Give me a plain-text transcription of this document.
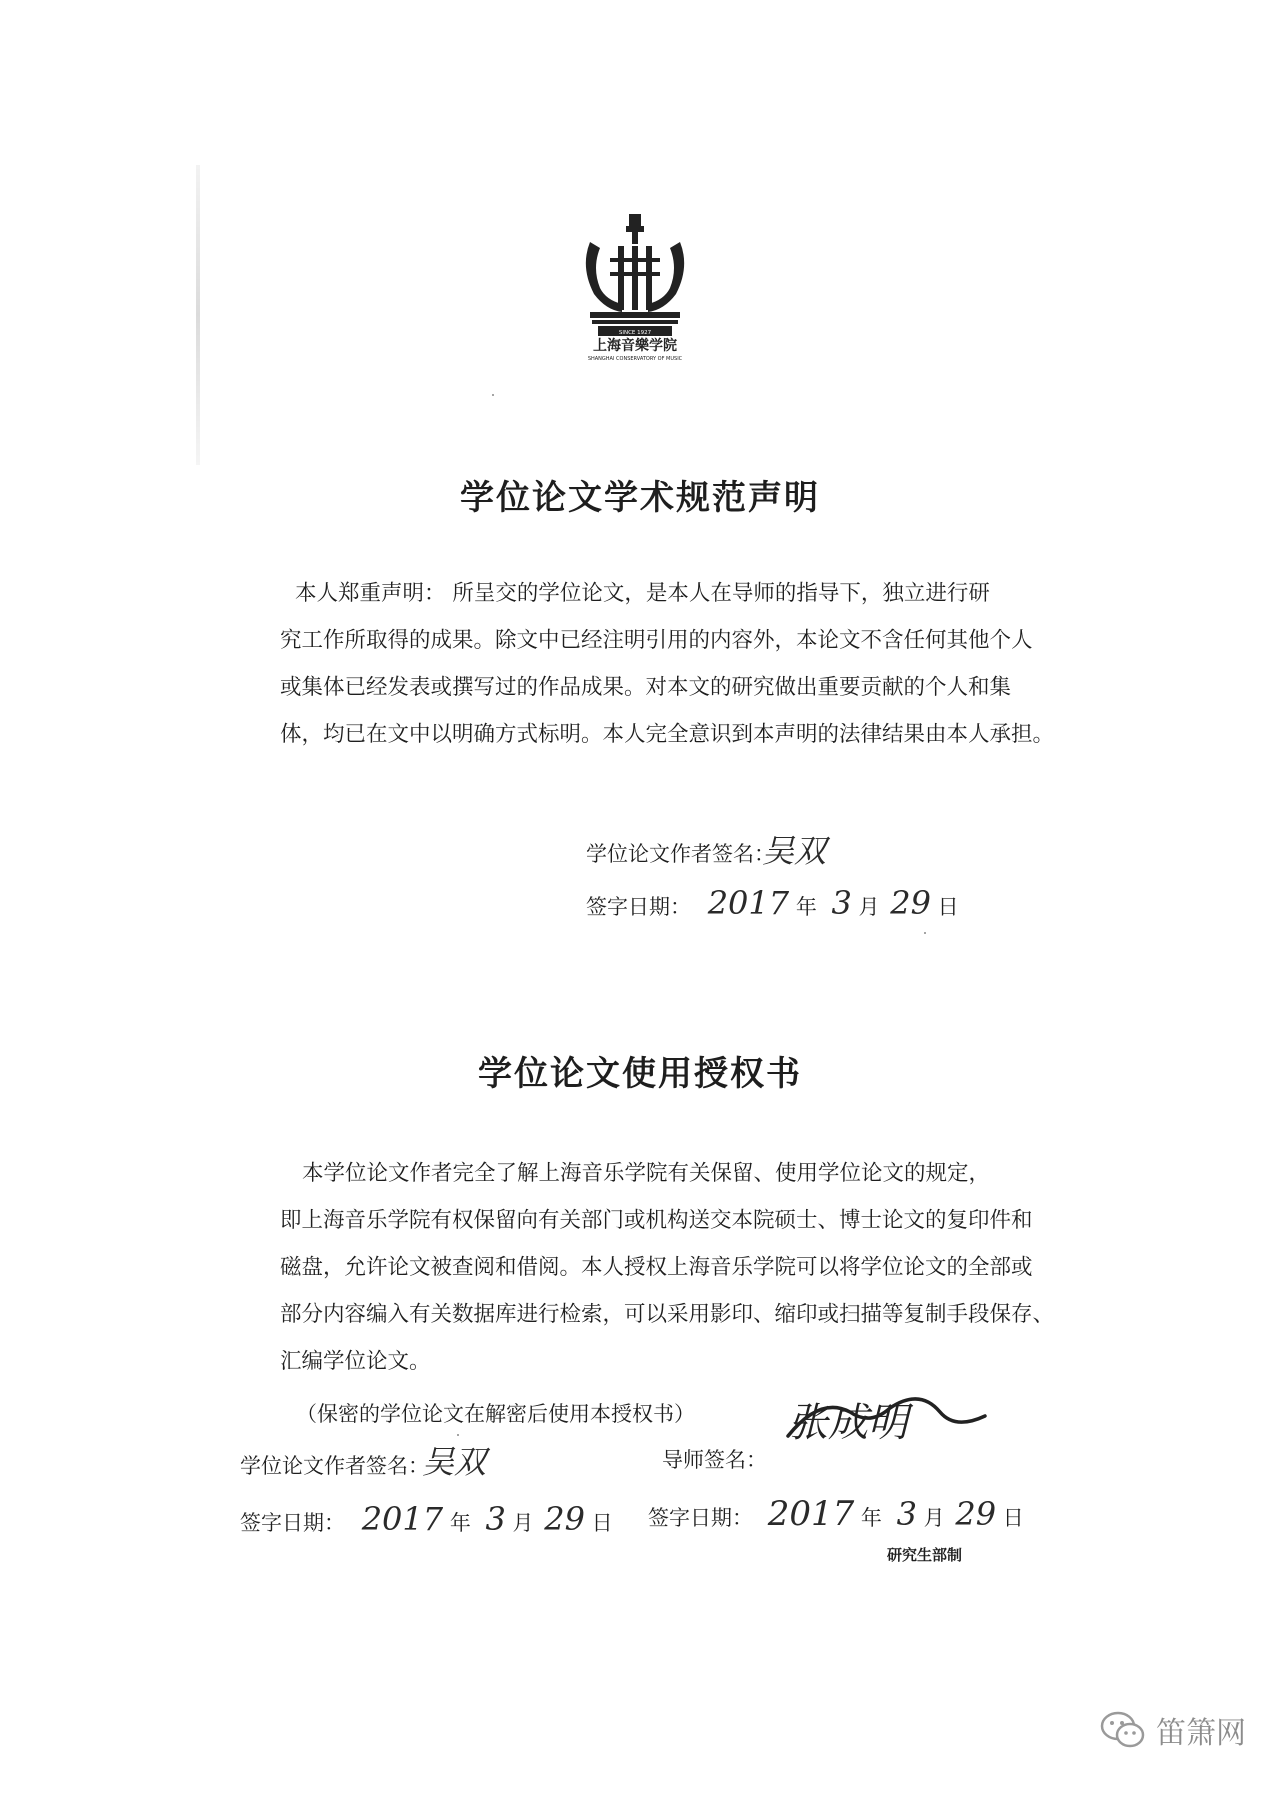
SINCE 1927
上海音樂学院
SHANGHAI CONSERVATORY OF MUSIC
学位论文学术规范声明
本人郑重声明： 所呈交的学位论文，是本人在导师的指导下，独立进行研
究工作所取得的成果。除文中已经注明引用的内容外，本论文不含任何其他个人
或集体已经发表或撰写过的作品成果。对本文的研究做出重要贡献的个人和集
体，均已在文中以明确方式标明。本人完全意识到本声明的法律结果由本人承担。
学位论文作者签名：
吴双
签字日期： 2017 年 3 月 29 日
学位论文使用授权书
本学位论文作者完全了解上海音乐学院有关保留、使用学位论文的规定，
即上海音乐学院有权保留向有关部门或机构送交本院硕士、博士论文的复印件和
磁盘，允许论文被查阅和借阅。本人授权上海音乐学院可以将学位论文的全部或
部分内容编入有关数据库进行检索，可以采用影印、缩印或扫描等复制手段保存、
汇编学位论文。
（保密的学位论文在解密后使用本授权书）
学位论文作者签名：
吴双	导师签名：
张成明
签字日期： 2017 年 3 月 29 日 签字日期： 2017 年 3 月 29 日
研究生部制
笛箫网
